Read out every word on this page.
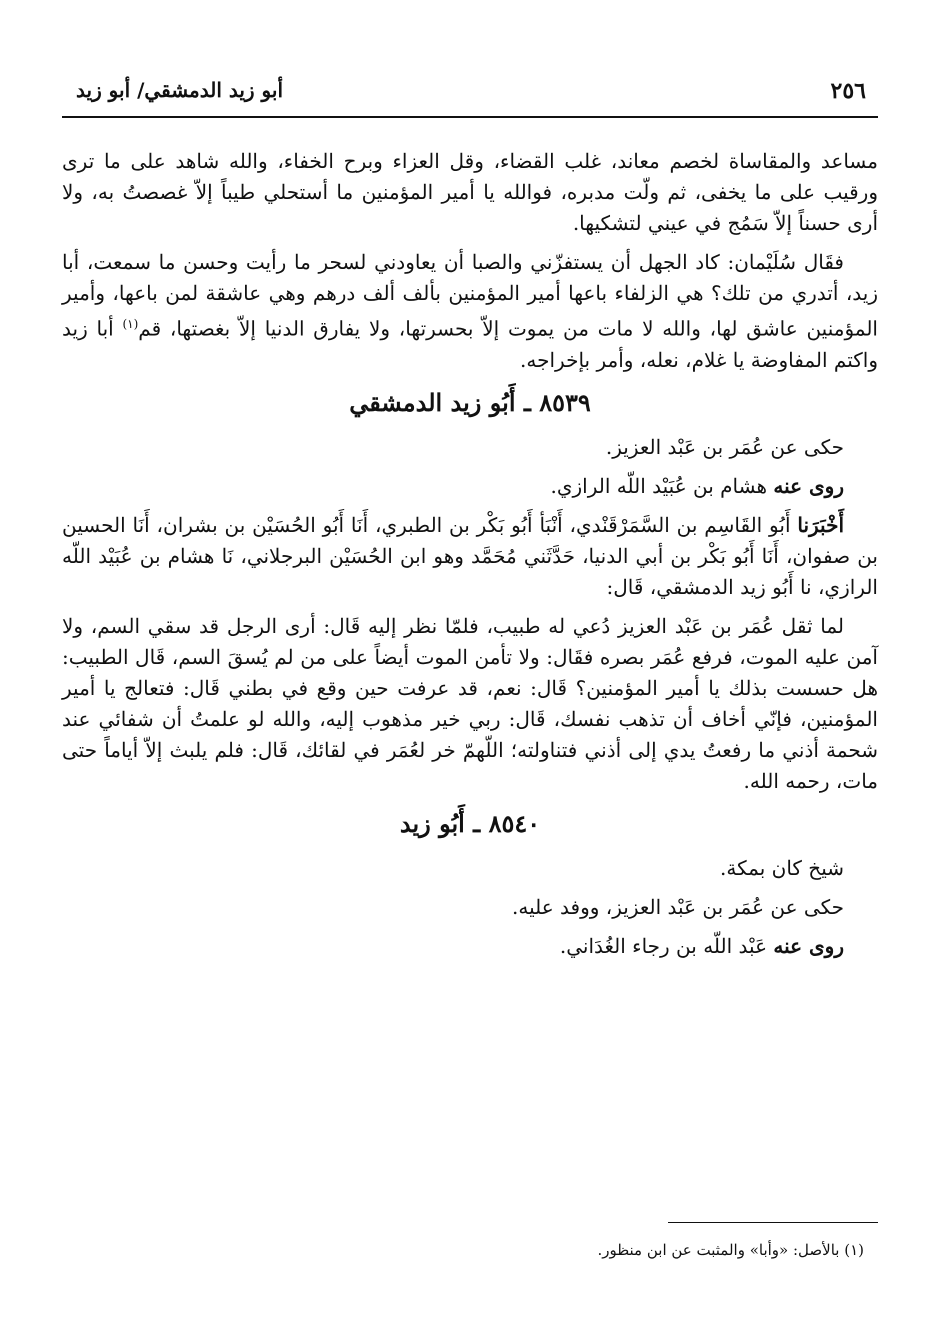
٢٥٦
أبو زيد الدمشقي/ أبو زيد

مساعد والمقاساة لخصم معاند، غلب القضاء، وقل العزاء وبرح الخفاء، والله شاهد على ما ترى ورقيب على ما يخفى، ثم ولّت مدبره، فوالله يا أمير المؤمنين ما أستحلي طيباً إلاّ غصصتُ به، ولا أرى حسناً إلاّ سَمُج في عيني لتشكيها.

فقَال سُلَيْمان: كاد الجهل أن يستفزّني والصبا أن يعاودني لسحر ما رأيت وحسن ما سمعت، أبا زيد، أتدري من تلك؟ هي الزلفاء باعها أمير المؤمنين بألف ألف درهم وهي عاشقة لمن باعها، وأمير المؤمنين عاشق لها، والله لا مات من يموت إلاّ بحسرتها، ولا يفارق الدنيا إلاّ بغصتها، قم$^{(١)}$ أبا زيد واكتم المفاوضة يا غلام، نعله، وأمر بإخراجه.

٨٥٣٩ ـ أَبُو زيد الدمشقي
حكى عن عُمَر بن عَبْد العزيز.
روى عنه هشام بن عُبَيْد اللّه الرازي.

أَخْبَرَنا أَبُو القَاسِم بن السَّمَرْقَنْدي، أَنْبَأ أَبُو بَكْر بن الطبري، أَنَا أَبُو الحُسَيْن بن بشران، أَنَا الحسين بن صفوان، أَنَا أَبُو بَكْر بن أبي الدنيا، حَدَّثَني مُحَمَّد وهو ابن الحُسَيْن البرجلاني، نَا هشام بن عُبَيْد اللّه الرازي، نا أَبُو زيد الدمشقي، قَال:

لما ثقل عُمَر بن عَبْد العزيز دُعي له طبيب، فلمّا نظر إليه قَال: أرى الرجل قد سقي السم، ولا آمن عليه الموت، فرفع عُمَر بصره فقَال: ولا تأمن الموت أيضاً على من لم يُسقَ السم، قَال الطبيب: هل حسست بذلك يا أمير المؤمنين؟ قَال: نعم، قد عرفت حين وقع في بطني قَال: فتعالج يا أمير المؤمنين، فإنّي أخاف أن تذهب نفسك، قَال: ربي خير مذهوب إليه، والله لو علمتُ أن شفائي عند شحمة أذني ما رفعتُ يدي إلى أذني فتناولته؛ اللّهمّ خر لعُمَر في لقائك، قَال: فلم يلبث إلاّ أياماً حتى مات، رحمه الله.

٨٥٤٠ ـ أَبُو زيد
شيخ كان بمكة.
حكى عن عُمَر بن عَبْد العزيز، ووفد عليه.
روى عنه عَبْد اللّه بن رجاء الغُدَاني.
(١) بالأصل: «وأبا» والمثبت عن ابن منظور.
